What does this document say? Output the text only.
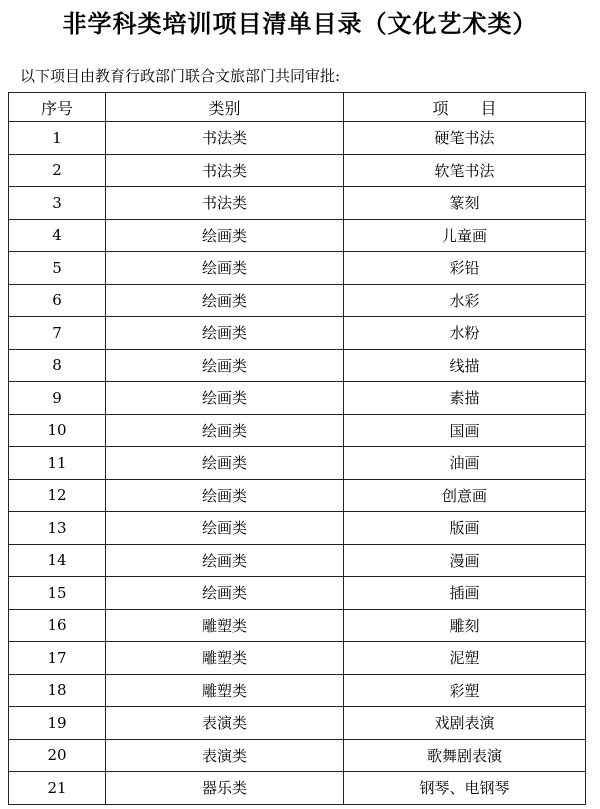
非学科类培训项目清单目录（文化艺术类）
以下项目由教育行政部门联合文旅部门共同审批:
序号	类别	项　　目
1	书法类	硬笔书法
2	书法类	软笔书法
3	书法类	篆刻
4	绘画类	儿童画
5	绘画类	彩铅
6	绘画类	水彩
7	绘画类	水粉
8	绘画类	线描
9	绘画类	素描
10	绘画类	国画
11	绘画类	油画
12	绘画类	创意画
13	绘画类	版画
14	绘画类	漫画
15	绘画类	插画
16	雕塑类	雕刻
17	雕塑类	泥塑
18	雕塑类	彩塑
19	表演类	戏剧表演
20	表演类	歌舞剧表演
21	器乐类	钢琴、电钢琴
